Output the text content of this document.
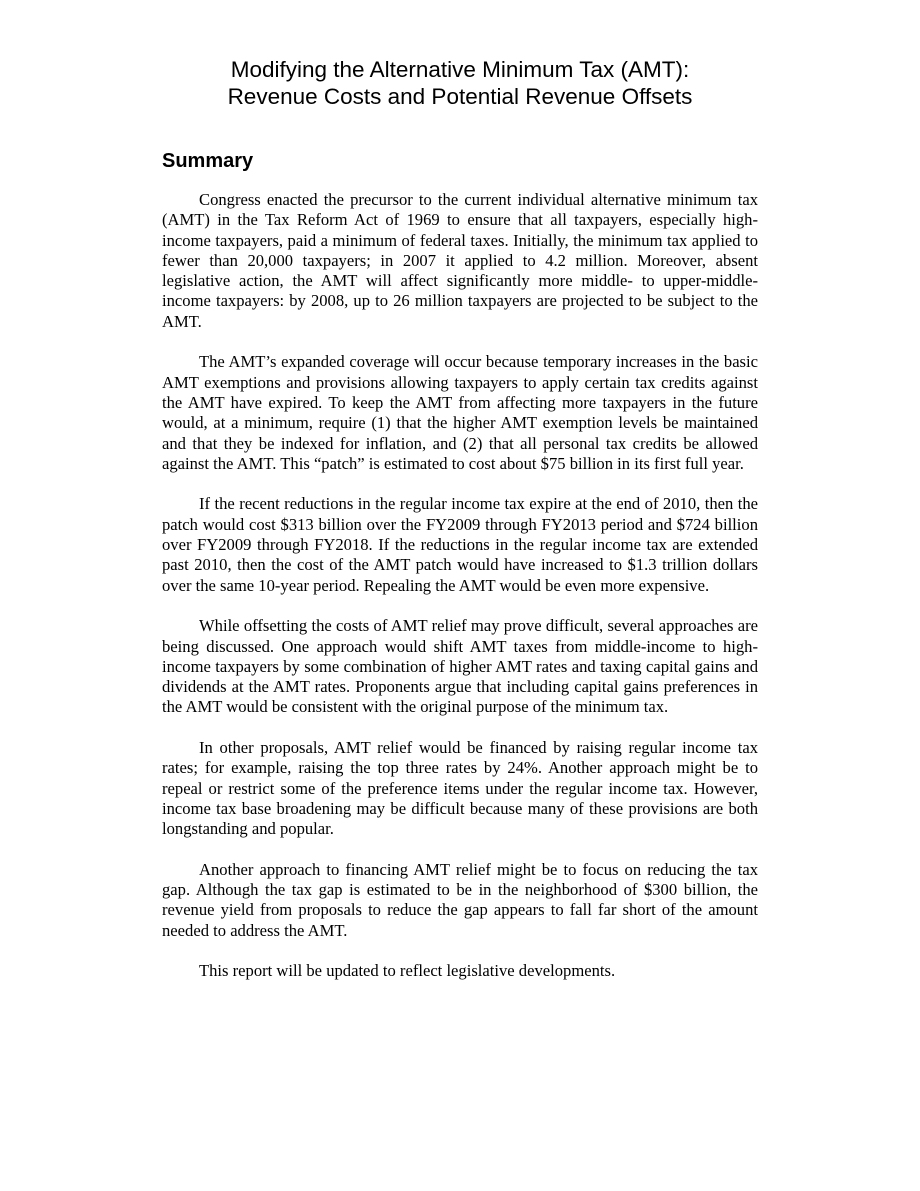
Modifying the Alternative Minimum Tax (AMT):
Revenue Costs and Potential Revenue Offsets
Summary

Congress enacted the precursor to the current individual alternative minimum tax (AMT) in the Tax Reform Act of 1969 to ensure that all taxpayers, especially high-income taxpayers, paid a minimum of federal taxes. Initially, the minimum tax applied to fewer than 20,000 taxpayers; in 2007 it applied to 4.2 million. Moreover, absent legislative action, the AMT will affect significantly more middle- to upper-middle-income taxpayers: by 2008, up to 26 million taxpayers are projected to be subject to the AMT.

The AMT’s expanded coverage will occur because temporary increases in the basic AMT exemptions and provisions allowing taxpayers to apply certain tax credits against the AMT have expired. To keep the AMT from affecting more taxpayers in the future would, at a minimum, require (1) that the higher AMT exemption levels be maintained and that they be indexed for inflation, and (2) that all personal tax credits be allowed against the AMT. This “patch” is estimated to cost about $75 billion in its first full year.

If the recent reductions in the regular income tax expire at the end of 2010, then the patch would cost $313 billion over the FY2009 through FY2013 period and $724 billion over FY2009 through FY2018. If the reductions in the regular income tax are extended past 2010, then the cost of the AMT patch would have increased to $1.3 trillion dollars over the same 10-year period. Repealing the AMT would be even more expensive.

While offsetting the costs of AMT relief may prove difficult, several approaches are being discussed. One approach would shift AMT taxes from middle-income to high-income taxpayers by some combination of higher AMT rates and taxing capital gains and dividends at the AMT rates. Proponents argue that including capital gains preferences in the AMT would be consistent with the original purpose of the minimum tax.

In other proposals, AMT relief would be financed by raising regular income tax rates; for example, raising the top three rates by 24%. Another approach might be to repeal or restrict some of the preference items under the regular income tax. However, income tax base broadening may be difficult because many of these provisions are both longstanding and popular.

Another approach to financing AMT relief might be to focus on reducing the tax gap. Although the tax gap is estimated to be in the neighborhood of $300 billion, the revenue yield from proposals to reduce the gap appears to fall far short of the amount needed to address the AMT.

This report will be updated to reflect legislative developments.
